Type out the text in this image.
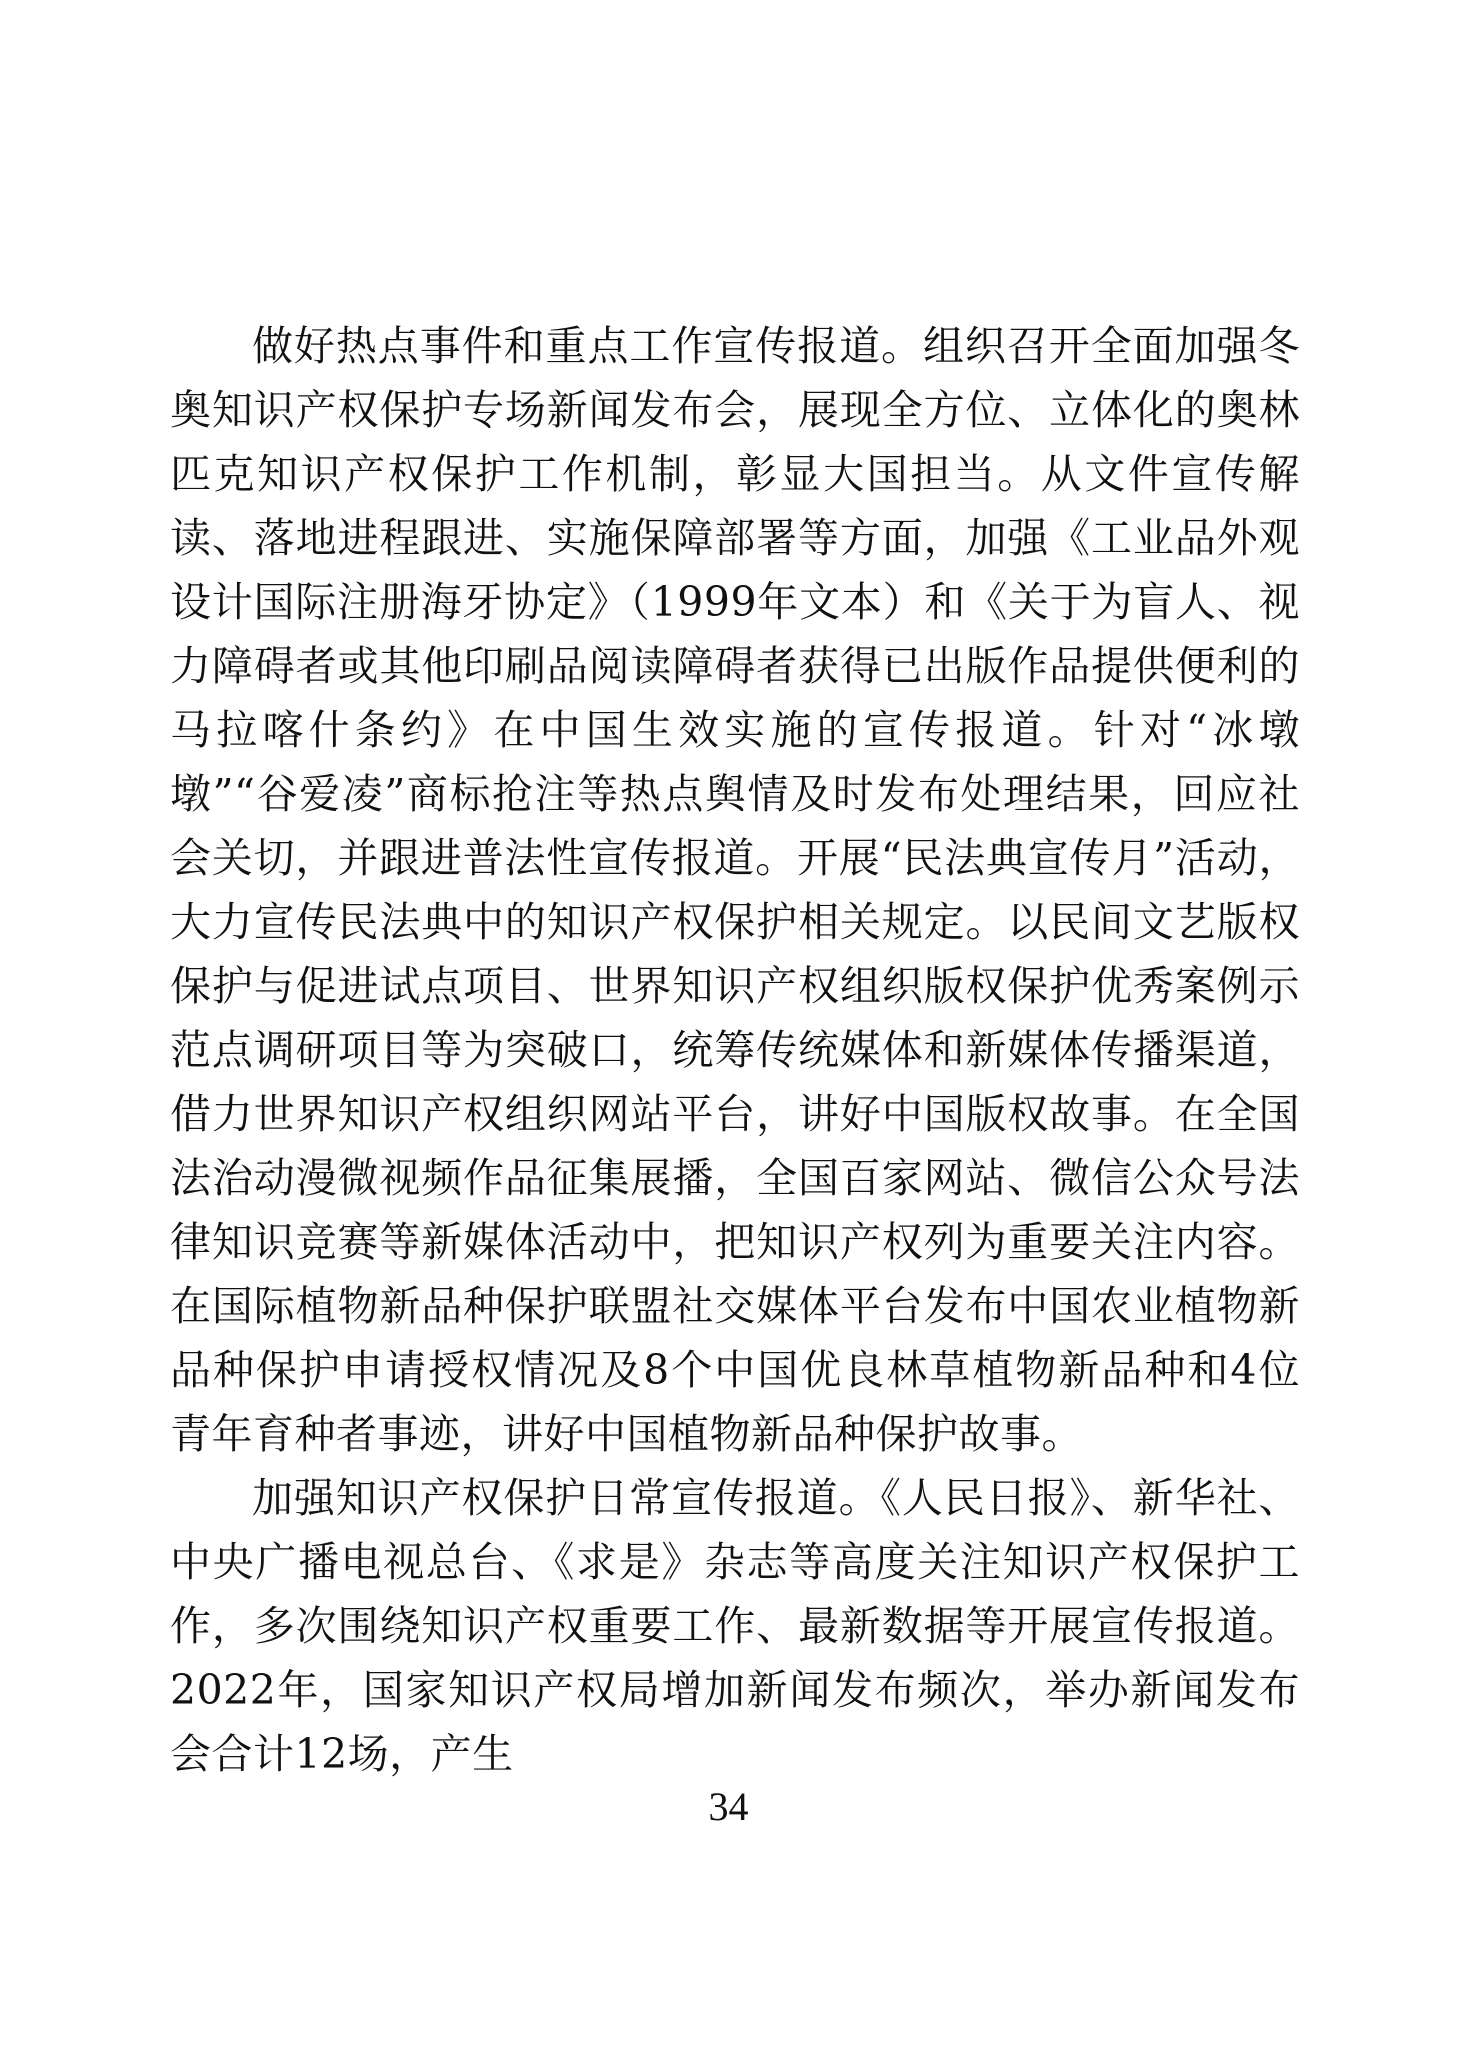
做好热点事件和重点工作宣传报道。组织召开全面加强冬奥知识产权保护专场新闻发布会，展现全方位、立体化的奥林匹克知识产权保护工作机制，彰显大国担当。从文件宣传解读、落地进程跟进、实施保障部署等方面，加强《工业品外观设计国际注册海牙协定》（1999年文本）和《关于为盲人、视力障碍者或其他印刷品阅读障碍者获得已出版作品提供便利的马拉喀什条约》在中国生效实施的宣传报道。针对“冰墩墩”“谷爱凌”商标抢注等热点舆情及时发布处理结果，回应社会关切，并跟进普法性宣传报道。开展“民法典宣传月”活动，大力宣传民法典中的知识产权保护相关规定。以民间文艺版权保护与促进试点项目、世界知识产权组织版权保护优秀案例示范点调研项目等为突破口，统筹传统媒体和新媒体传播渠道，借力世界知识产权组织网站平台，讲好中国版权故事。在全国法治动漫微视频作品征集展播，全国百家网站、微信公众号法律知识竞赛等新媒体活动中，把知识产权列为重要关注内容。在国际植物新品种保护联盟社交媒体平台发布中国农业植物新品种保护申请授权情况及8个中国优良林草植物新品种和4位青年育种者事迹，讲好中国植物新品种保护故事。

加强知识产权保护日常宣传报道。《人民日报》、新华社、中央广播电视总台、《求是》杂志等高度关注知识产权保护工作，多次围绕知识产权重要工作、最新数据等开展宣传报道。2022年，国家知识产权局增加新闻发布频次，举办新闻发布会合计12场，产生

34
